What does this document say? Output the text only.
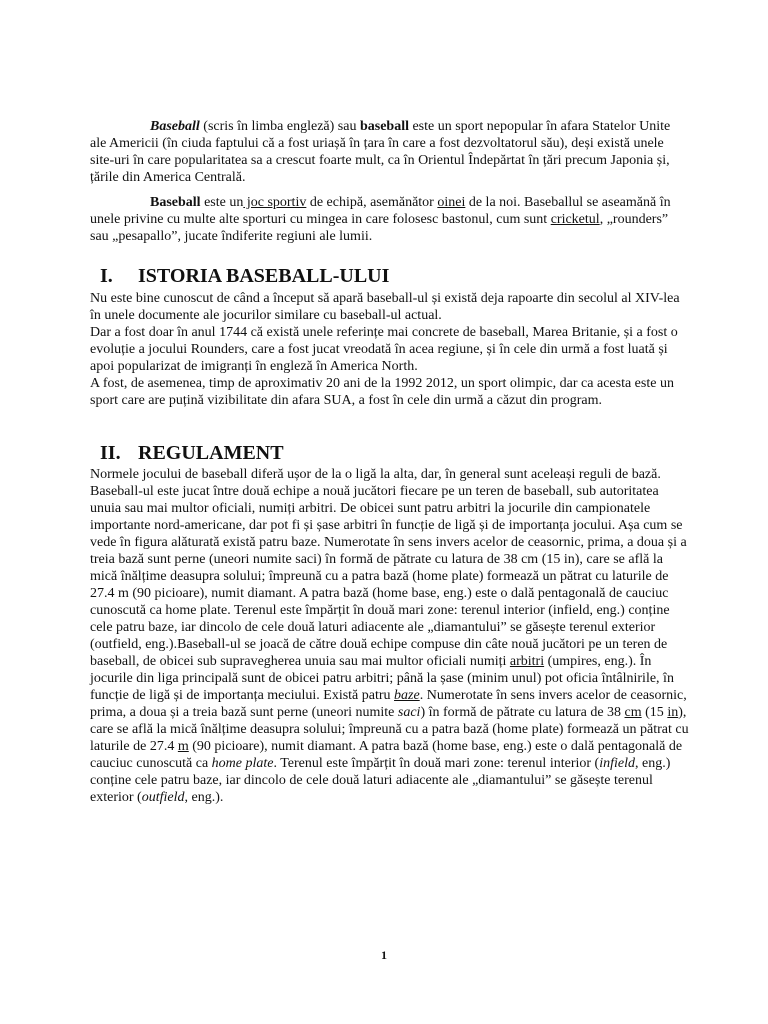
Baseball (scris în limba engleză) sau baseball este un sport nepopular în afara Statelor Unite ale Americii (în ciuda faptului că a fost uriașă în țara în care a fost dezvoltatorul său), deși există unele site-uri în care popularitatea sa a crescut foarte mult, ca în Orientul Îndepărtat în țări precum Japonia și, țările din America Centrală.

Baseball este un joc sportiv de echipă, asemănător oinei de la noi. Baseballul se aseamănă în unele privine cu multe alte sporturi cu mingea in care folosesc bastonul, cum sunt cricketul, „rounders” sau „pesapallo”, jucate îndiferite regiuni ale lumii.

I. ISTORIA BASEBALL-ULUI

Nu este bine cunoscut de când a început să apară baseball-ul și există deja rapoarte din secolul al XIV-lea în unele documente ale jocurilor similare cu baseball-ul actual.

Dar a fost doar în anul 1744 că există unele referințe mai concrete de baseball, Marea Britanie, și a fost o evoluție a jocului Rounders, care a fost jucat vreodată în acea regiune, și în cele din urmă a fost luată și apoi popularizat de imigranți în engleză în America North.

A fost, de asemenea, timp de aproximativ 20 ani de la 1992 2012, un sport olimpic, dar ca acesta este un sport care are puțină vizibilitate din afara SUA, a fost în cele din urmă a căzut din program.

II. REGULAMENT

Normele jocului de baseball diferă ușor de la o ligă la alta, dar, în general sunt aceleași reguli de bază. Baseball-ul este jucat între două echipe a nouă jucători fiecare pe un teren de baseball, sub autoritatea unuia sau mai multor oficiali, numiți arbitri. De obicei sunt patru arbitri la jocurile din campionatele importante nord-americane, dar pot fi și șase arbitri în funcție de ligă și de importanța jocului. Așa cum se vede în figura alăturată există patru baze. Numerotate în sens invers acelor de ceasornic, prima, a doua și a treia bază sunt perne (uneori numite saci) în formă de pătrate cu latura de 38 cm (15 in), care se află la mică înălțime deasupra solului; împreună cu a patra bază (home plate) formează un pătrat cu laturile de 27.4 m (90 picioare), numit diamant. A patra bază (home base, eng.) este o dală pentagonală de cauciuc cunoscută ca home plate. Terenul este împărțit în două mari zone: terenul interior (infield, eng.) conține cele patru baze, iar dincolo de cele două laturi adiacente ale „diamantului” se găsește terenul exterior (outfield, eng.).Baseball-ul se joacă de către două echipe compuse din câte nouă jucători pe un teren de baseball, de obicei sub supravegherea unuia sau mai multor oficiali numiți arbitri (umpires, eng.). În jocurile din liga principală sunt de obicei patru arbitri; până la șase (minim unul) pot oficia întâlnirile, în funcție de ligă și de importanța meciului. Există patru baze. Numerotate în sens invers acelor de ceasornic, prima, a doua și a treia bază sunt perne (uneori numite saci) în formă de pătrate cu latura de 38 cm (15 in), care se află la mică înălțime deasupra solului; împreună cu a patra bază (home plate) formează un pătrat cu laturile de 27.4 m (90 picioare), numit diamant. A patra bază (home base, eng.) este o dală pentagonală de cauciuc cunoscută ca home plate. Terenul este împărțit în două mari zone: terenul interior (infield, eng.) conține cele patru baze, iar dincolo de cele două laturi adiacente ale „diamantului” se găsește terenul exterior (outfield, eng.).

1
